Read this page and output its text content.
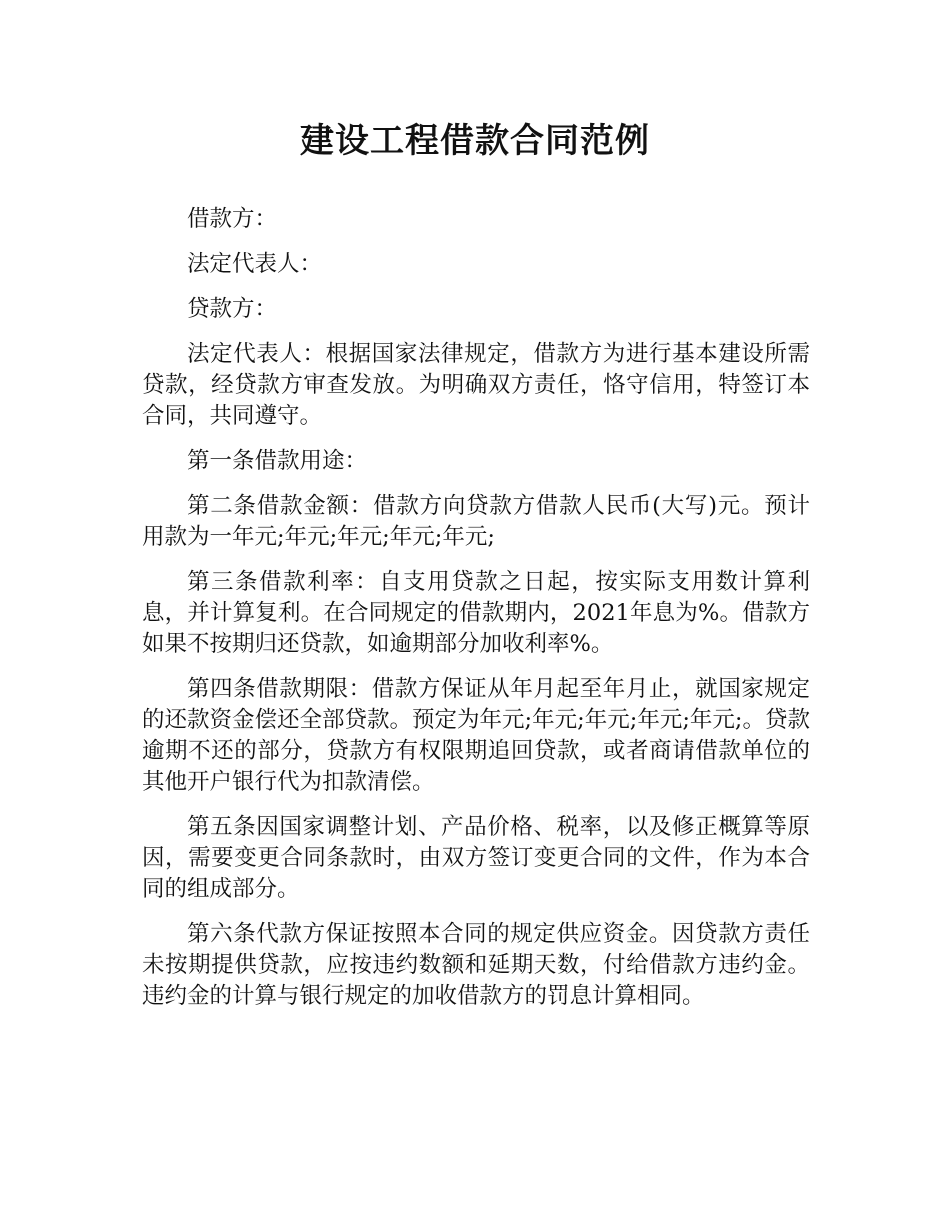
建设工程借款合同范例

借款方：

法定代表人：

贷款方：

法定代表人：根据国家法律规定，借款方为进行基本建设所需贷款，经贷款方审查发放。为明确双方责任，恪守信用，特签订本合同，共同遵守。

第一条借款用途：

第二条借款金额：借款方向贷款方借款人民币(大写)元。预计用款为一年元;年元;年元;年元;年元;

第三条借款利率：自支用贷款之日起，按实际支用数计算利息，并计算复利。在合同规定的借款期内，2021年息为%。借款方如果不按期归还贷款，如逾期部分加收利率%。

第四条借款期限：借款方保证从年月起至年月止，就国家规定的还款资金偿还全部贷款。预定为年元;年元;年元;年元;年元;。贷款逾期不还的部分，贷款方有权限期追回贷款，或者商请借款单位的其他开户银行代为扣款清偿。

第五条因国家调整计划、产品价格、税率，以及修正概算等原因，需要变更合同条款时，由双方签订变更合同的文件，作为本合同的组成部分。

第六条代款方保证按照本合同的规定供应资金。因贷款方责任未按期提供贷款，应按违约数额和延期天数，付给借款方违约金。违约金的计算与银行规定的加收借款方的罚息计算相同。
